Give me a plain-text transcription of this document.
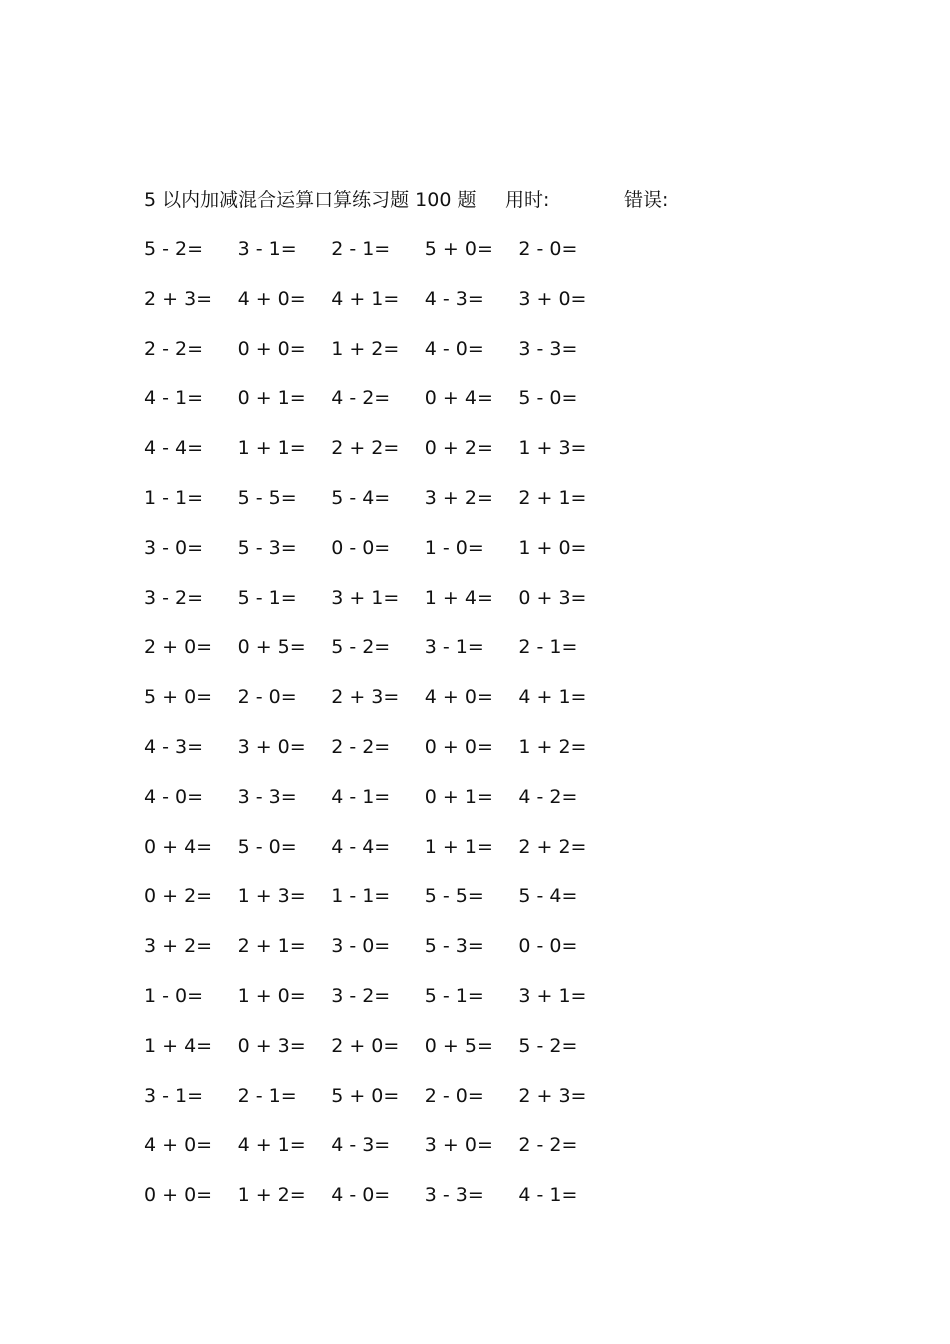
5 以内加减混合运算口算练习题 100 题 用时:	错误:
5 - 2=	3 - 1=	2 - 1=	5 + 0=	2 - 0=
2 + 3=	4 + 0=	4 + 1=	4 - 3=	3 + 0=
2 - 2=	0 + 0=	1 + 2=	4 - 0=	3 - 3=
4 - 1=	0 + 1=	4 - 2=	0 + 4=	5 - 0=
4 - 4=	1 + 1=	2 + 2=	0 + 2=	1 + 3=
1 - 1=	5 - 5=	5 - 4=	3 + 2=	2 + 1=
3 - 0=	5 - 3=	0 - 0=	1 - 0=	1 + 0=
3 - 2=	5 - 1=	3 + 1=	1 + 4=	0 + 3=
2 + 0=	0 + 5=	5 - 2=	3 - 1=	2 - 1=
5 + 0=	2 - 0=	2 + 3=	4 + 0=	4 + 1=
4 - 3=	3 + 0=	2 - 2=	0 + 0=	1 + 2=
4 - 0=	3 - 3=	4 - 1=	0 + 1=	4 - 2=
0 + 4=	5 - 0=	4 - 4=	1 + 1=	2 + 2=
0 + 2=	1 + 3=	1 - 1=	5 - 5=	5 - 4=
3 + 2=	2 + 1=	3 - 0=	5 - 3=	0 - 0=
1 - 0=	1 + 0=	3 - 2=	5 - 1=	3 + 1=
1 + 4=	0 + 3=	2 + 0=	0 + 5=	5 - 2=
3 - 1=	2 - 1=	5 + 0=	2 - 0=	2 + 3=
4 + 0=	4 + 1=	4 - 3=	3 + 0=	2 - 2=
0 + 0=	1 + 2=	4 - 0=	3 - 3=	4 - 1=
